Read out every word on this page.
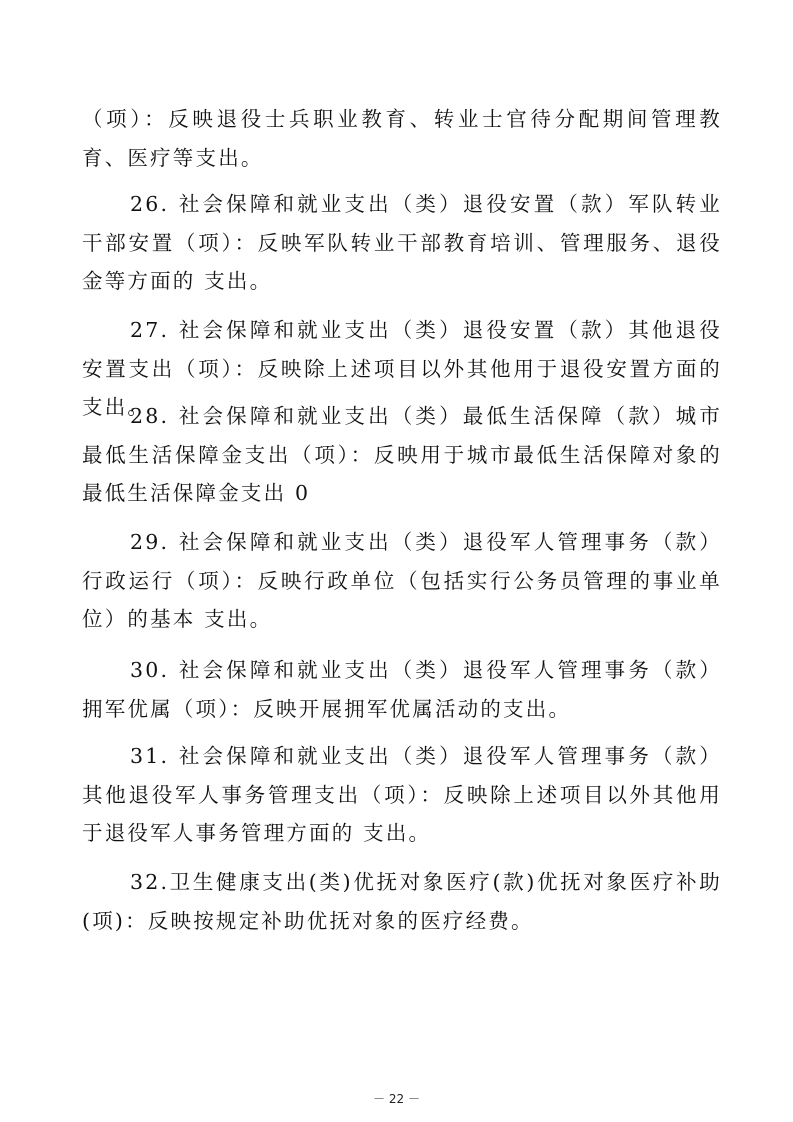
（项）：反映退役士兵职业教育、转业士官待分配期间管理教育、医疗等支出。

26. 社会保障和就业支出（类）退役安置（款）军队转业干部安置（项）：反映军队转业干部教育培训、管理服务、退役金等方面的 支出。

27. 社会保障和就业支出（类）退役安置（款）其他退役安置支出（项）：反映除上述项目以外其他用于退役安置方面的支出。

28. 社会保障和就业支出（类）最低生活保障（款）城市最低生活保障金支出（项）：反映用于城市最低生活保障对象的最低生活保障金支出 0

29. 社会保障和就业支出（类）退役军人管理事务（款）行政运行（项）：反映行政单位（包括实行公务员管理的事业单位）的基本 支出。

30. 社会保障和就业支出（类）退役军人管理事务（款）拥军优属（项）：反映开展拥军优属活动的支出。

31. 社会保障和就业支出（类）退役军人管理事务（款）其他退役军人事务管理支出（项）：反映除上述项目以外其他用于退役军人事务管理方面的 支出。

32.卫生健康支出(类)优抚对象医疗(款)优抚对象医疗补助(项)：反映按规定补助优抚对象的医疗经费。

－ 22 －
